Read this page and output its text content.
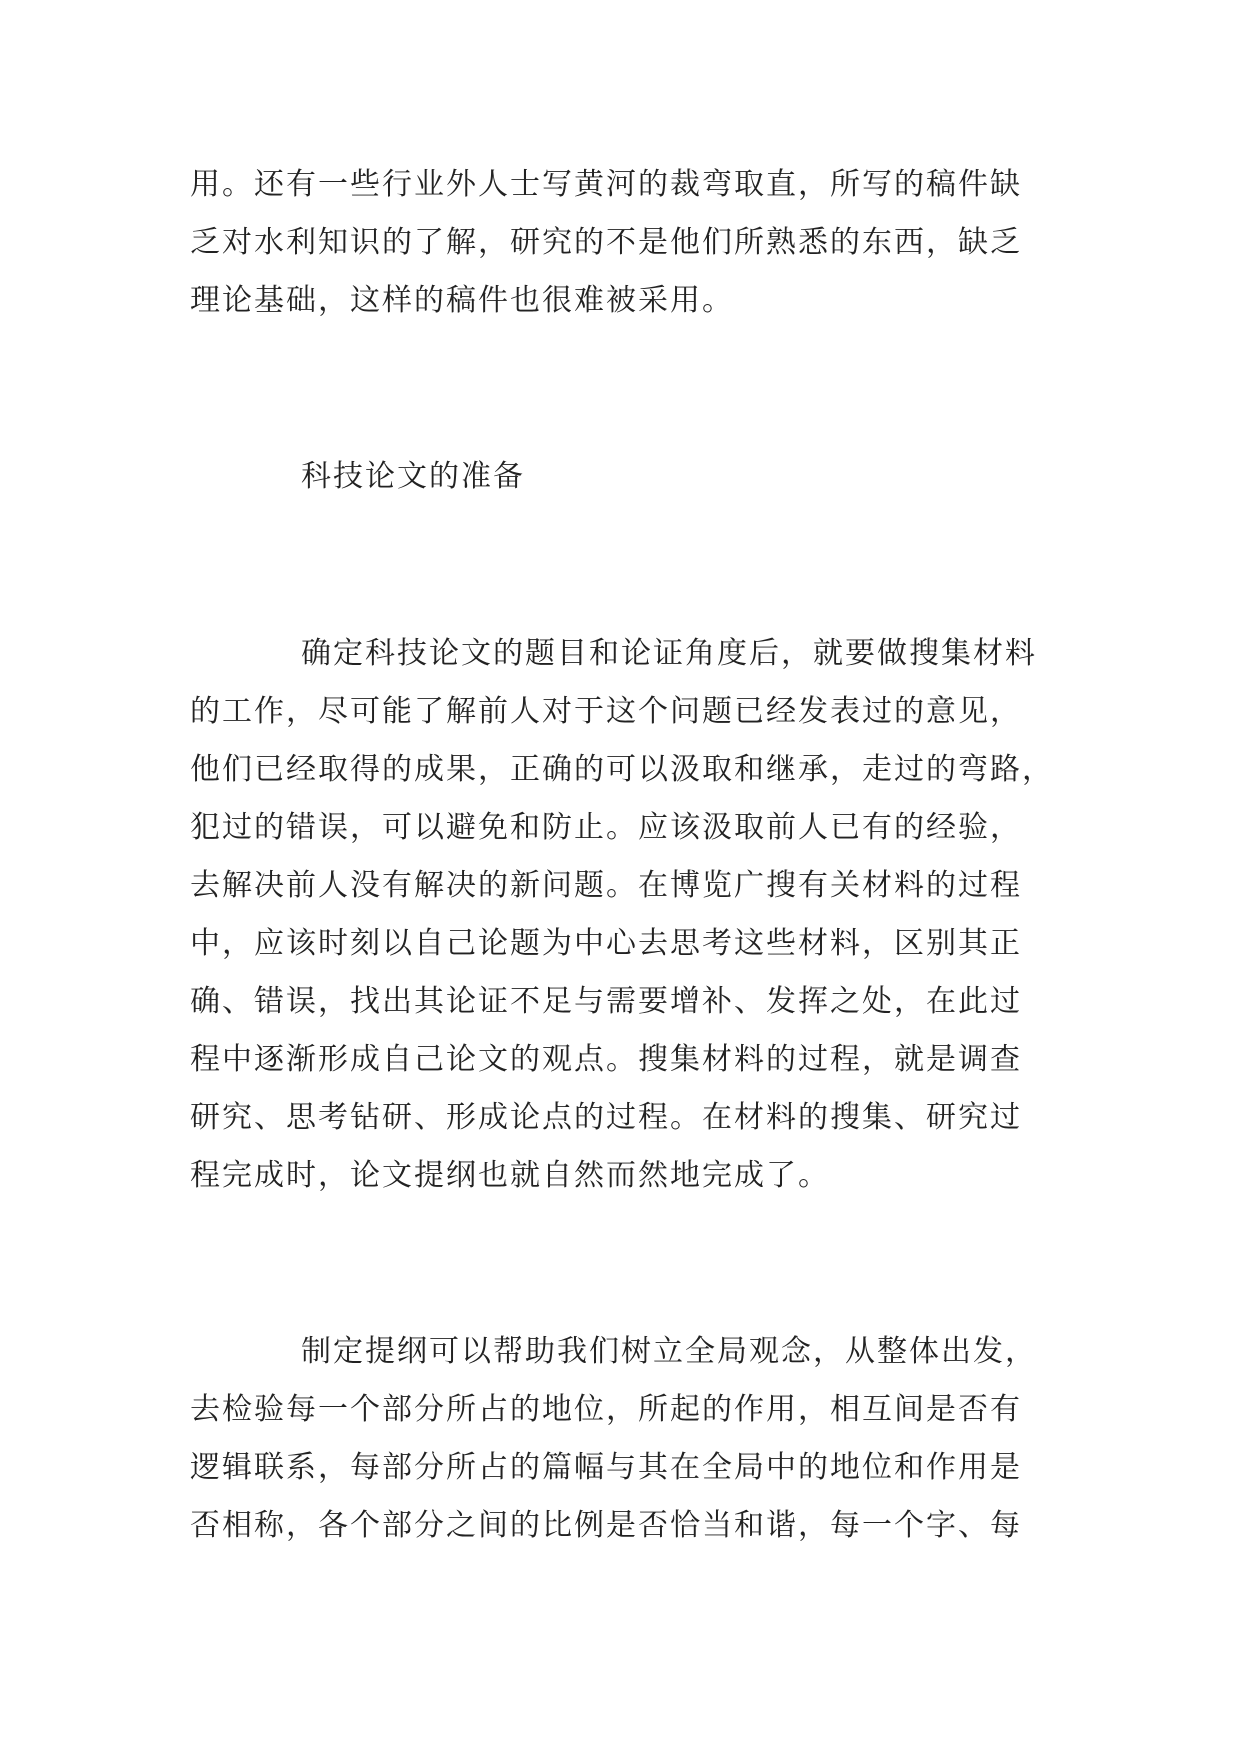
用。还有一些行业外人士写黄河的裁弯取直，所写的稿件缺
乏对水利知识的了解，研究的不是他们所熟悉的东西，缺乏
理论基础，这样的稿件也很难被采用。
科技论文的准备
确定科技论文的题目和论证角度后，就要做搜集材料
的工作，尽可能了解前人对于这个问题已经发表过的意见，
他们已经取得的成果，正确的可以汲取和继承，走过的弯路，
犯过的错误，可以避免和防止。应该汲取前人已有的经验，
去解决前人没有解决的新问题。在博览广搜有关材料的过程
中，应该时刻以自己论题为中心去思考这些材料，区别其正
确、错误，找出其论证不足与需要增补、发挥之处，在此过
程中逐渐形成自己论文的观点。搜集材料的过程，就是调查
研究、思考钻研、形成论点的过程。在材料的搜集、研究过
程完成时，论文提纲也就自然而然地完成了。
制定提纲可以帮助我们树立全局观念，从整体出发，
去检验每一个部分所占的地位，所起的作用，相互间是否有
逻辑联系，每部分所占的篇幅与其在全局中的地位和作用是
否相称，各个部分之间的比例是否恰当和谐，每一个字、每
